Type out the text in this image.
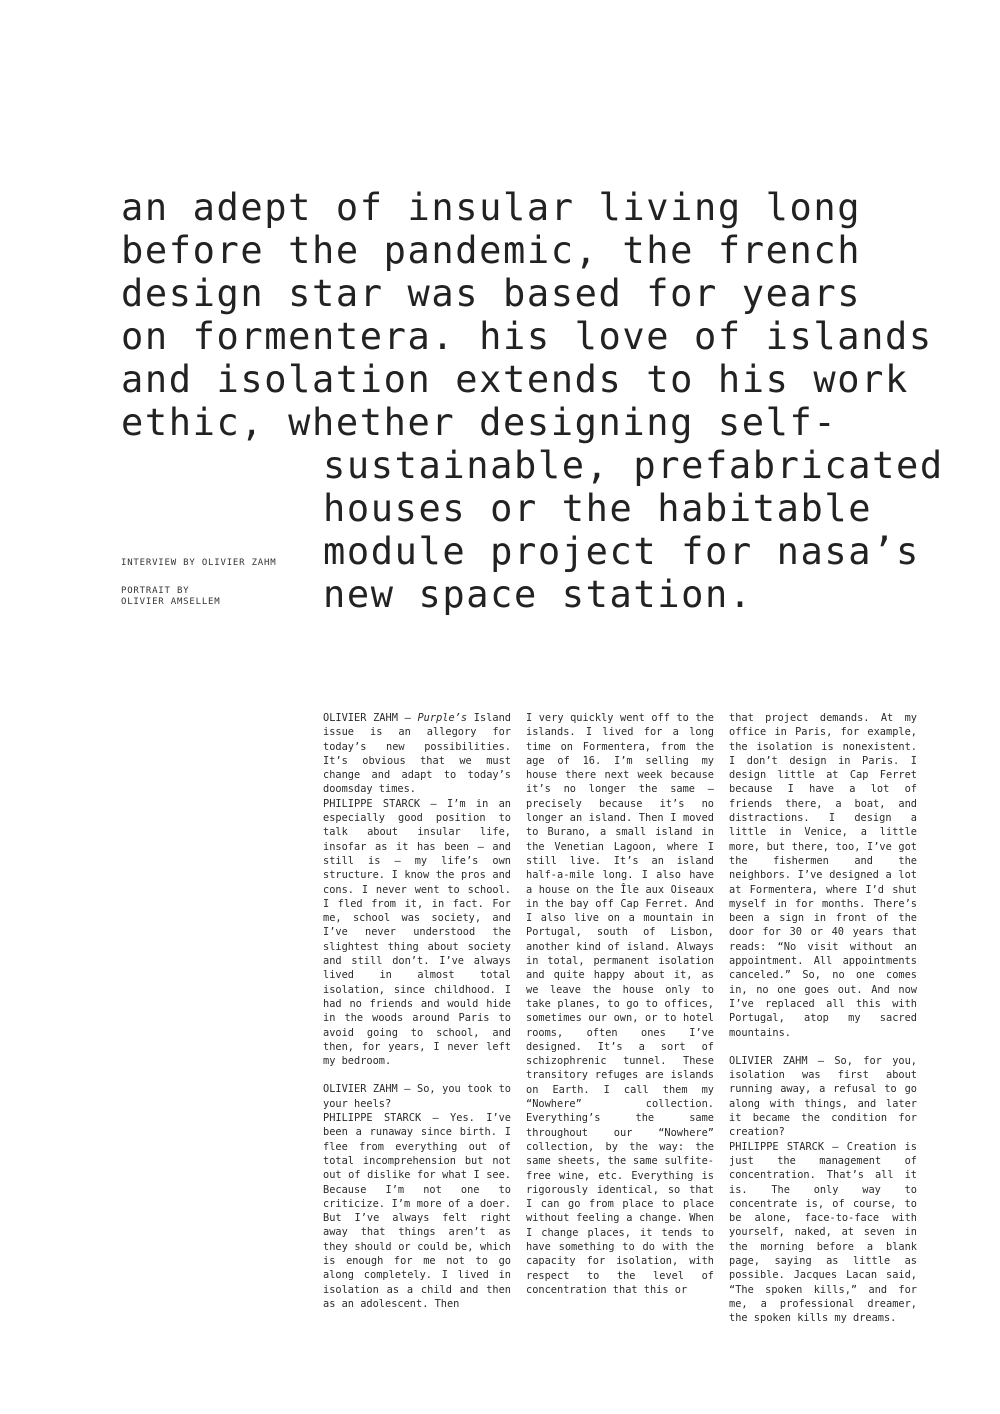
an adept of insular living long
before the pandemic, the french
design star was based for years
on formentera. his love of islands
and isolation extends to his work
ethic, whether designing self-
sustainable, prefabricated
houses or the habitable
module project for nasa’s
new space station.
INTERVIEW BY OLIVIER ZAHM
PORTRAIT BY
OLIVIER AMSELLEM

OLIVIER ZAHM — Purple’s Island issue is an allegory for today’s new possibilities. It’s obvious that we must change and adapt to today’s doomsday times.

PHILIPPE STARCK — I’m in an especially good position to talk about insular life, insofar as it has been — and still is — my life’s own structure. I know the pros and cons. I never went to school. I fled from it, in fact. For me, school was society, and I’ve never understood the slightest thing about society and still don’t. I’ve always lived in almost total isolation, since childhood. I had no friends and would hide in the woods around Paris to avoid going to school, and then, for years, I never left my bedroom.

OLIVIER ZAHM — So, you took to your heels?

PHILIPPE STARCK — Yes. I’ve been a runaway since birth. I flee from everything out of total incomprehension but not out of dislike for what I see. Because I’m not one to criticize. I’m more of a doer. But I’ve always felt right away that things aren’t as they should or could be, which is enough for me not to go along completely. I lived in isolation as a child and then as an adolescent. Then

I very quickly went off to the islands. I lived for a long time on Formentera, from the age of 16. I’m selling my house there next week because it’s no longer the same — precisely because it’s no longer an island. Then I moved to Burano, a small island in the Venetian Lagoon, where I still live. It’s an island half-a-mile long. I also have a house on the Île aux Oiseaux in the bay off Cap Ferret. And I also live on a mountain in Portugal, south of Lisbon, another kind of island. Always in total, permanent isolation and quite happy about it, as we leave the house only to take planes, to go to offices, sometimes our own, or to hotel rooms, often ones I’ve designed. It’s a sort of schizophrenic tunnel. These transitory refuges are islands on Earth. I call them my “Nowhere” collection. Everything’s the same throughout our “Nowhere” collection, by the way: the same sheets, the same sulfite-free wine, etc. Everything is rigorously identical, so that I can go from place to place without feeling a change. When I change places, it tends to have something to do with the capacity for isolation, with respect to the level of concentration that this or

that project demands. At my office in Paris, for example, the isolation is nonexistent. I don’t design in Paris. I design little at Cap Ferret because I have a lot of friends there, a boat, and distractions. I design a little in Venice, a little more, but there, too, I’ve got the fishermen and the neighbors. I’ve designed a lot at Formentera, where I’d shut myself in for months. There’s been a sign in front of the door for 30 or 40 years that reads: “No visit without an appointment. All appointments canceled.” So, no one comes in, no one goes out. And now I’ve replaced all this with Portugal, atop my sacred mountains.

OLIVIER ZAHM — So, for you, isolation was first about running away, a refusal to go along with things, and later it became the condition for creation?

PHILIPPE STARCK — Creation is just the management of concentration. That’s all it is. The only way to concentrate is, of course, to be alone, face-to-face with yourself, naked, at seven in the morning before a blank page, saying as little as possible. Jacques Lacan said, “The spoken kills,” and for me, a professional dreamer, the spoken kills my dreams.
